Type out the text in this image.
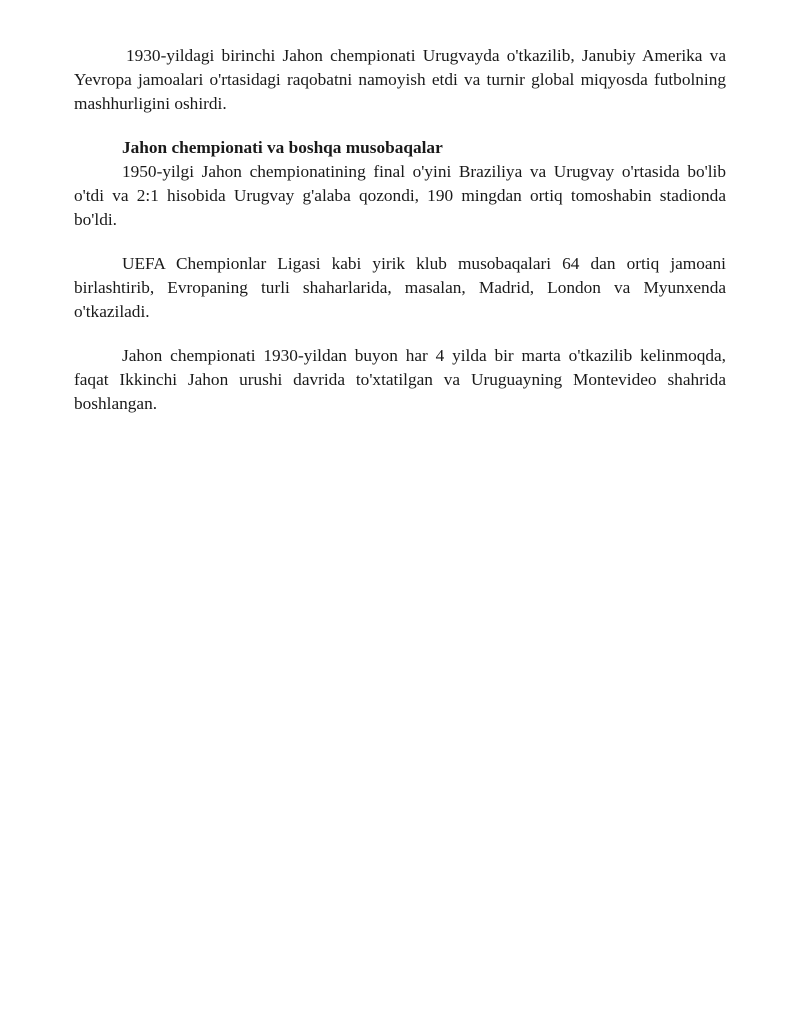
1930-yildagi birinchi Jahon chempionati Urugvayda o'tkazilib, Janubiy Amerika va Yevropa jamoalari o'rtasidagi raqobatni namoyish etdi va turnir global miqyosda futbolning mashhurligini oshirdi.

Jahon chempionati va boshqa musobaqalar

1950-yilgi Jahon chempionatining final o'yini Braziliya va Urugvay o'rtasida bo'lib o'tdi va 2:1 hisobida Urugvay g'alaba qozondi, 190 mingdan ortiq tomoshabin stadionda bo'ldi.

UEFA Chempionlar Ligasi kabi yirik klub musobaqalari 64 dan ortiq jamoani birlashtirib, Evropaning turli shaharlarida, masalan, Madrid, London va Myunxenda o'tkaziladi.

Jahon chempionati 1930-yildan buyon har 4 yilda bir marta o'tkazilib kelinmoqda, faqat Ikkinchi Jahon urushi davrida to'xtatilgan va Uruguayning Montevideo shahrida boshlangan.
